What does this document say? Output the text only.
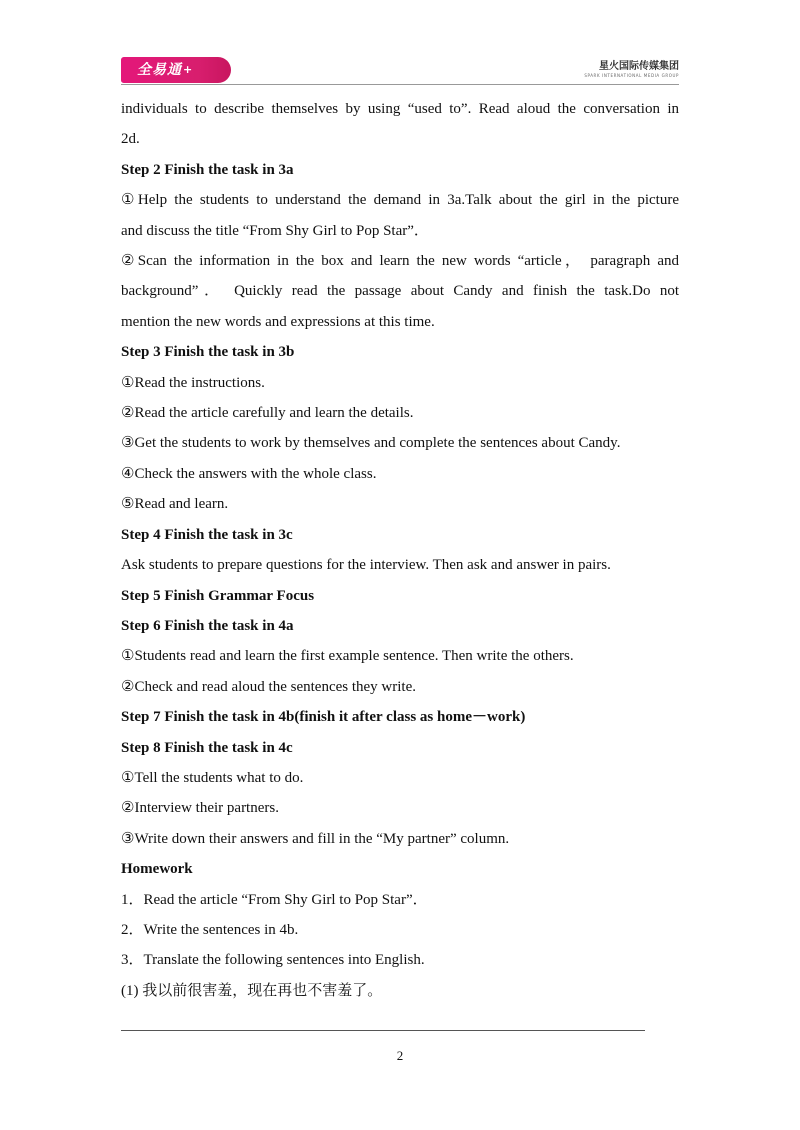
全易通+	星火国际传媒集团
SPARK INTERNATIONAL MEDIA GROUP
individuals to describe themselves by using “used to”. Read aloud the conversation in
2d.
Step 2 Finish the task in 3a
①Help the students to understand the demand in 3a.Talk about the girl in the picture
and discuss the title “From Shy Girl to Pop Star”．
②Scan the information in the box and learn the new words “article， paragraph and
background”． Quickly read the passage about Candy and finish the task.Do not
mention the new words and expressions at this time.
Step 3 Finish the task in 3b
①Read the instructions.
②Read the article carefully and learn the details.
③Get the students to work by themselves and complete the sentences about Candy.
④Check the answers with the whole class.
⑤Read and learn.
Step 4 Finish the task in 3c
Ask students to prepare questions for the interview. Then ask and answer in pairs.
Step 5 Finish Grammar Focus
Step 6 Finish the task in 4a
①Students read and learn the first example sentence. Then write the others.
②Check and read aloud the sentences they write.
Step 7 Finish the task in 4b(finish it after class as home－work)
Step 8 Finish the task in 4c
①Tell the students what to do.
②Interview their partners.
③Write down their answers and fill in the “My partner” column.
Homework
1．Read the article “From Shy Girl to Pop Star”．
2．Write the sentences in 4b.
3．Translate the following sentences into English.
(1) 我以前很害羞，现在再也不害羞了。
2
